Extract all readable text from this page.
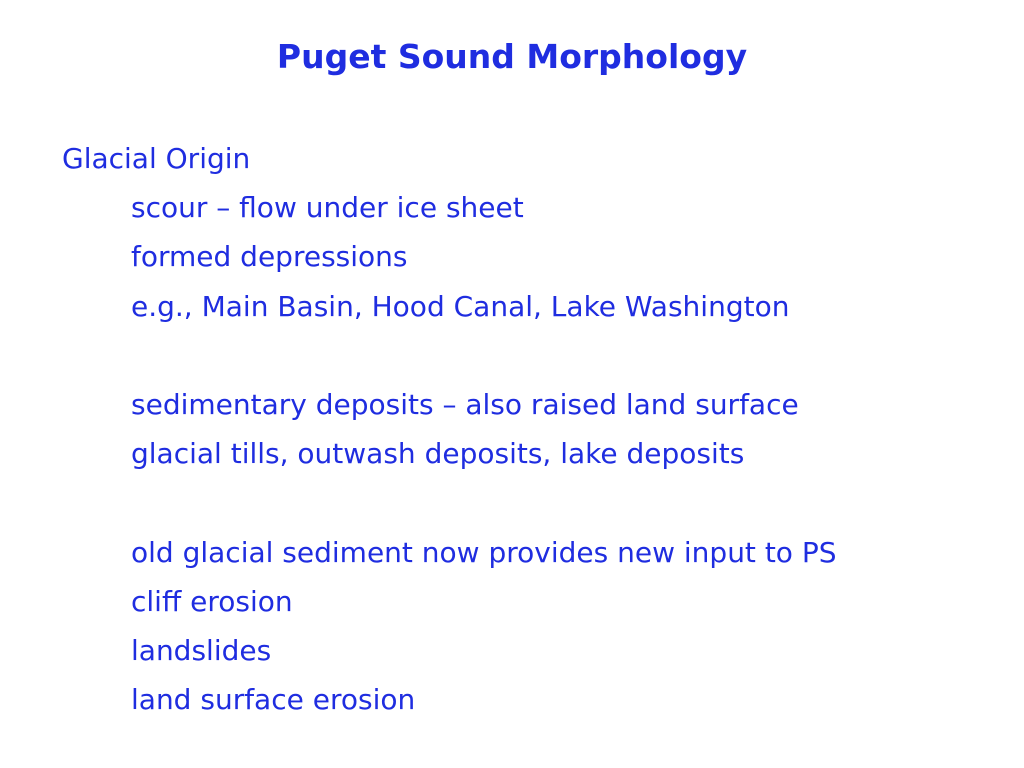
Puget Sound Morphology
Glacial Origin
scour – flow under ice sheet
formed depressions
e.g., Main Basin, Hood Canal, Lake Washington
sedimentary deposits – also raised land surface
glacial tills, outwash deposits, lake deposits
old glacial sediment now provides new input to PS
cliff erosion
landslides
land surface erosion
